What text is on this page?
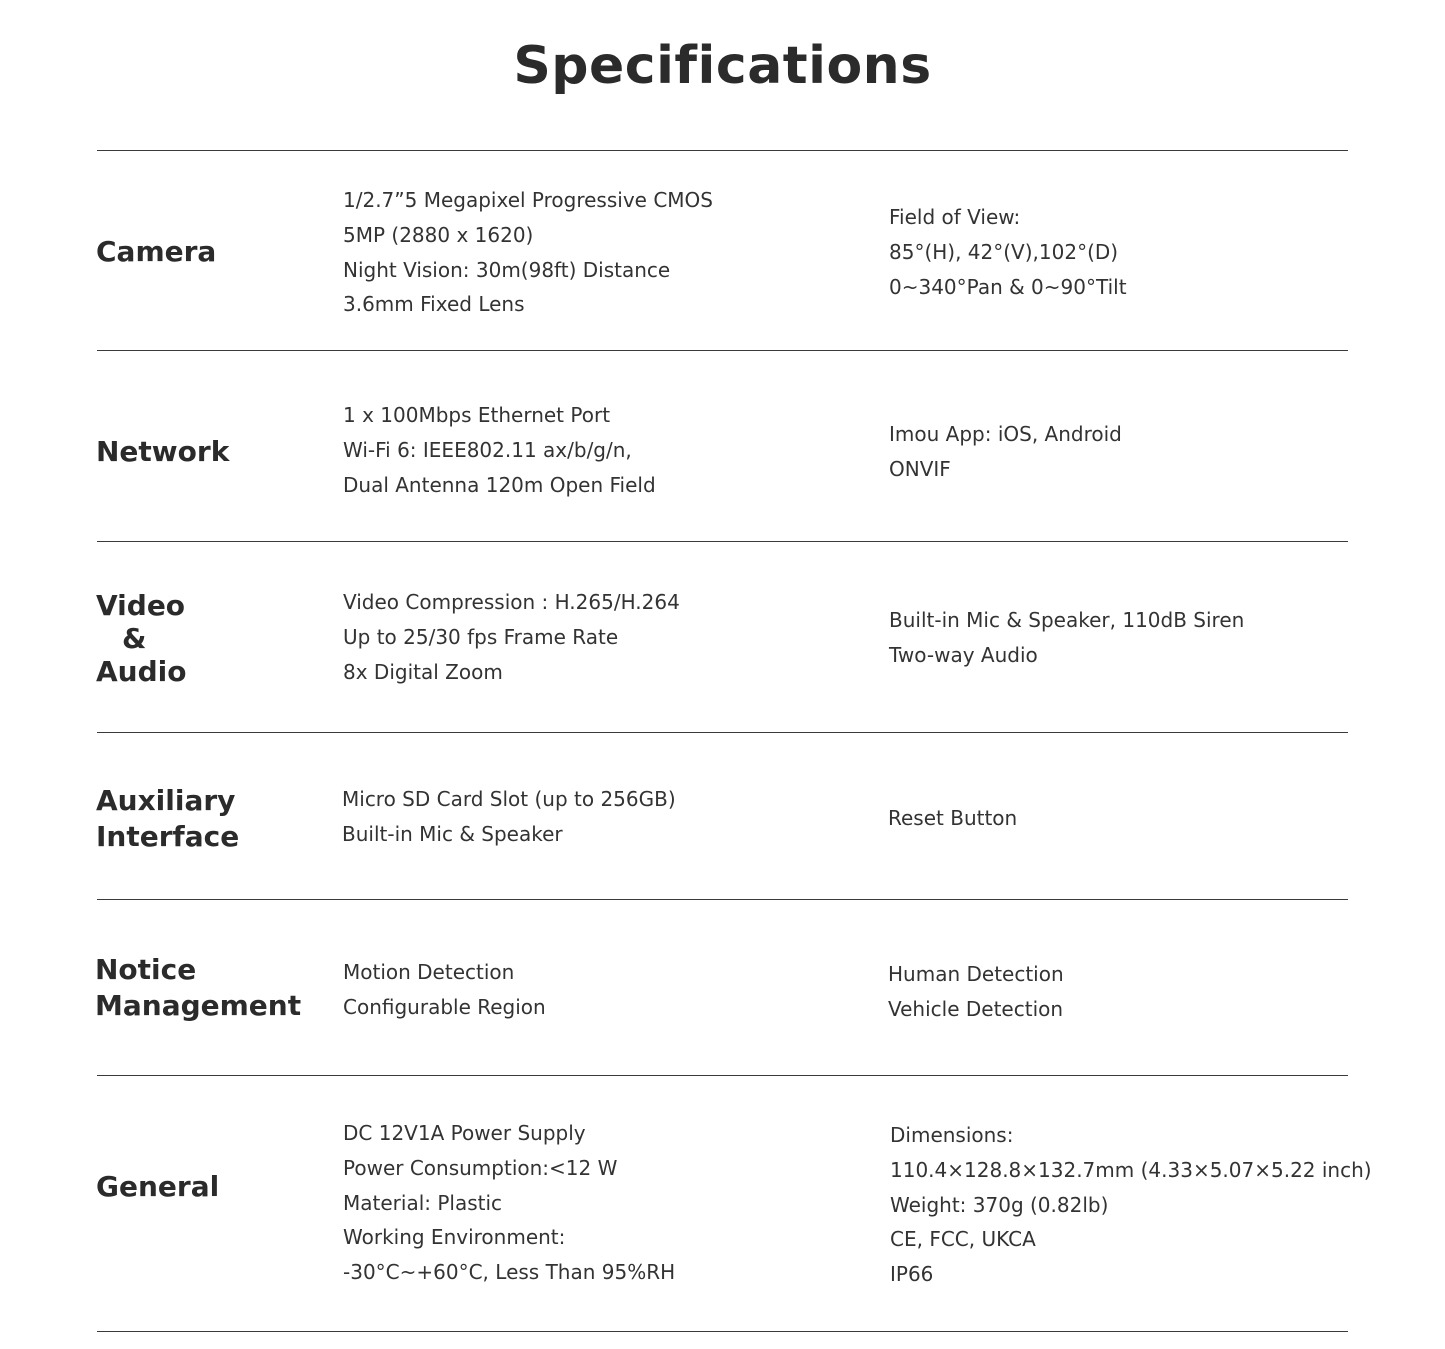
Specifications
Camera
1/2.7”5 Megapixel Progressive CMOS
5MP (2880 x 1620)
Night Vision: 30m(98ft) Distance
3.6mm Fixed Lens
Field of View:
85°(H), 42°(V),102°(D)
0~340°Pan & 0~90°Tilt
Network
1 x 100Mbps Ethernet Port
Wi-Fi 6: IEEE802.11 ax/b/g/n,
Dual Antenna 120m Open Field
Imou App: iOS, Android
ONVIF
Video
&
Audio
Video Compression : H.265/H.264
Up to 25/30 fps Frame Rate
8x Digital Zoom
Built-in Mic & Speaker, 110dB Siren
Two-way Audio
Auxiliary
Interface
Micro SD Card Slot (up to 256GB)
Built-in Mic & Speaker
Reset Button
Notice
Management
Motion Detection
Configurable Region
Human Detection
Vehicle Detection
General
DC 12V1A Power Supply
Power Consumption:<12 W
Material: Plastic
Working Environment:
-30°C~+60°C, Less Than 95%RH
Dimensions:
110.4×128.8×132.7mm (4.33×5.07×5.22 inch)
Weight: 370g (0.82lb)
CE, FCC, UKCA
IP66
